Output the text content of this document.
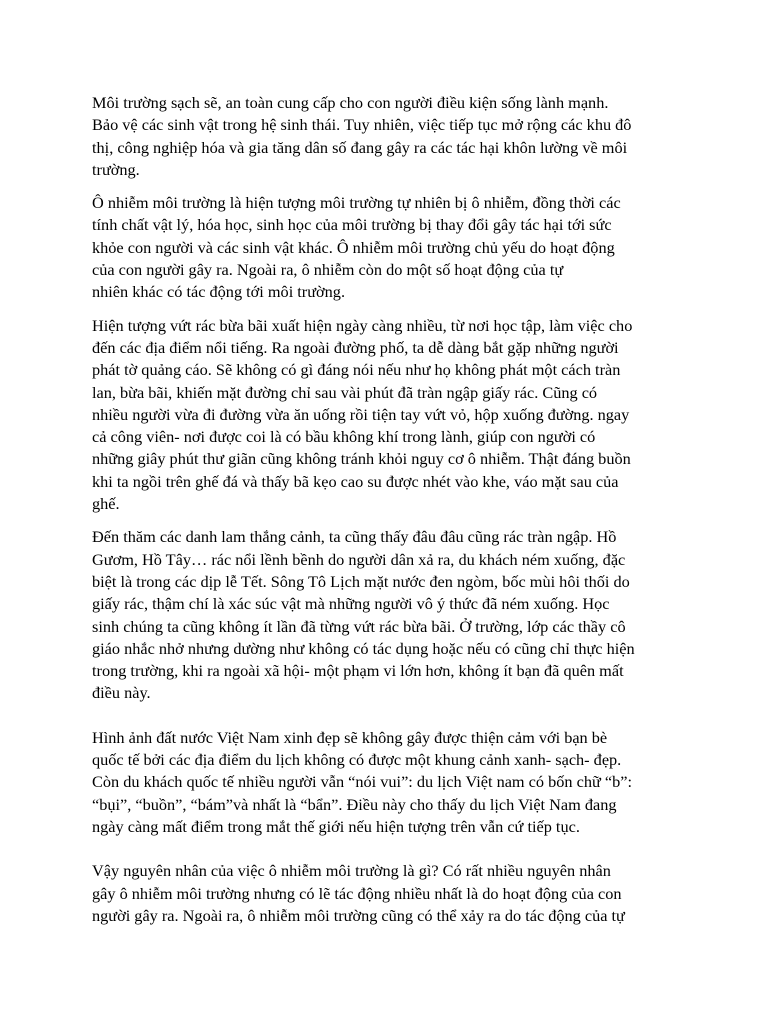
Môi trường sạch sẽ, an toàn cung cấp cho con người điều kiện sống lành mạnh.
Bảo vệ các sinh vật trong hệ sinh thái. Tuy nhiên, việc tiếp tục mở rộng các khu đô
thị, công nghiệp hóa và gia tăng dân số đang gây ra các tác hại khôn lường về môi
trường.

Ô nhiễm môi trường là hiện tượng môi trường tự nhiên bị ô nhiễm, đồng thời các
tính chất vật lý, hóa học, sinh học của môi trường bị thay đổi gây tác hại tới sức
khỏe con người và các sinh vật khác. Ô nhiễm môi trường chủ yếu do hoạt động
của con người gây ra. Ngoài ra, ô nhiễm còn do một số hoạt động của tự
nhiên khác có tác động tới môi trường.

Hiện tượng vứt rác bừa bãi xuất hiện ngày càng nhiều, từ nơi học tập, làm việc cho
đến các địa điểm nổi tiếng. Ra ngoài đường phố, ta dễ dàng bắt gặp những người
phát tờ quảng cáo. Sẽ không có gì đáng nói nếu như họ không phát một cách tràn
lan, bừa bãi, khiến mặt đường chỉ sau vài phút đã tràn ngập giấy rác. Cũng có
nhiều người vừa đi đường vừa ăn uống rồi tiện tay vứt vỏ, hộp xuống đường. ngay
cả công viên- nơi được coi là có bầu không khí trong lành, giúp con người có
những giây phút thư giãn cũng không tránh khỏi nguy cơ ô nhiễm. Thật đáng buồn
khi ta ngồi trên ghế đá và thấy bã kẹo cao su được nhét vào khe, váo mặt sau của
ghế.

Đến thăm các danh lam thắng cảnh, ta cũng thấy đâu đâu cũng rác tràn ngập. Hồ
Gươm, Hồ Tây… rác nổi lềnh bềnh do người dân xả ra, du khách ném xuống, đặc
biệt là trong các dịp lễ Tết. Sông Tô Lịch mặt nước đen ngòm, bốc mùi hôi thối do
giấy rác, thậm chí là xác súc vật mà những người vô ý thức đã ném xuống. Học
sinh chúng ta cũng không ít lần đã từng vứt rác bừa bãi. Ở trường, lớp các thầy cô
giáo nhắc nhở nhưng dường như không có tác dụng hoặc nếu có cũng chỉ thực hiện
trong trường, khi ra ngoài xã hội- một phạm vi lớn hơn, không ít bạn đã quên mất
điều này.

Hình ảnh đất nước Việt Nam xinh đẹp sẽ không gây được thiện cảm với bạn bè
quốc tế bởi các địa điểm du lịch không có được một khung cảnh xanh- sạch- đẹp.
Còn du khách quốc tế nhiều người vẫn “nói vui”: du lịch Việt nam có bốn chữ “b”:
“bụi”, “buồn”, “bám”và nhất là “bẩn”. Điều này cho thấy du lịch Việt Nam đang
ngày càng mất điểm trong mắt thế giới nếu hiện tượng trên vẫn cứ tiếp tục.

Vậy nguyên nhân của việc ô nhiễm môi trường là gì? Có rất nhiều nguyên nhân
gây ô nhiễm môi trường nhưng có lẽ tác động nhiều nhất là do hoạt động của con
người gây ra. Ngoài ra, ô nhiễm môi trường cũng có thể xảy ra do tác động của tự
